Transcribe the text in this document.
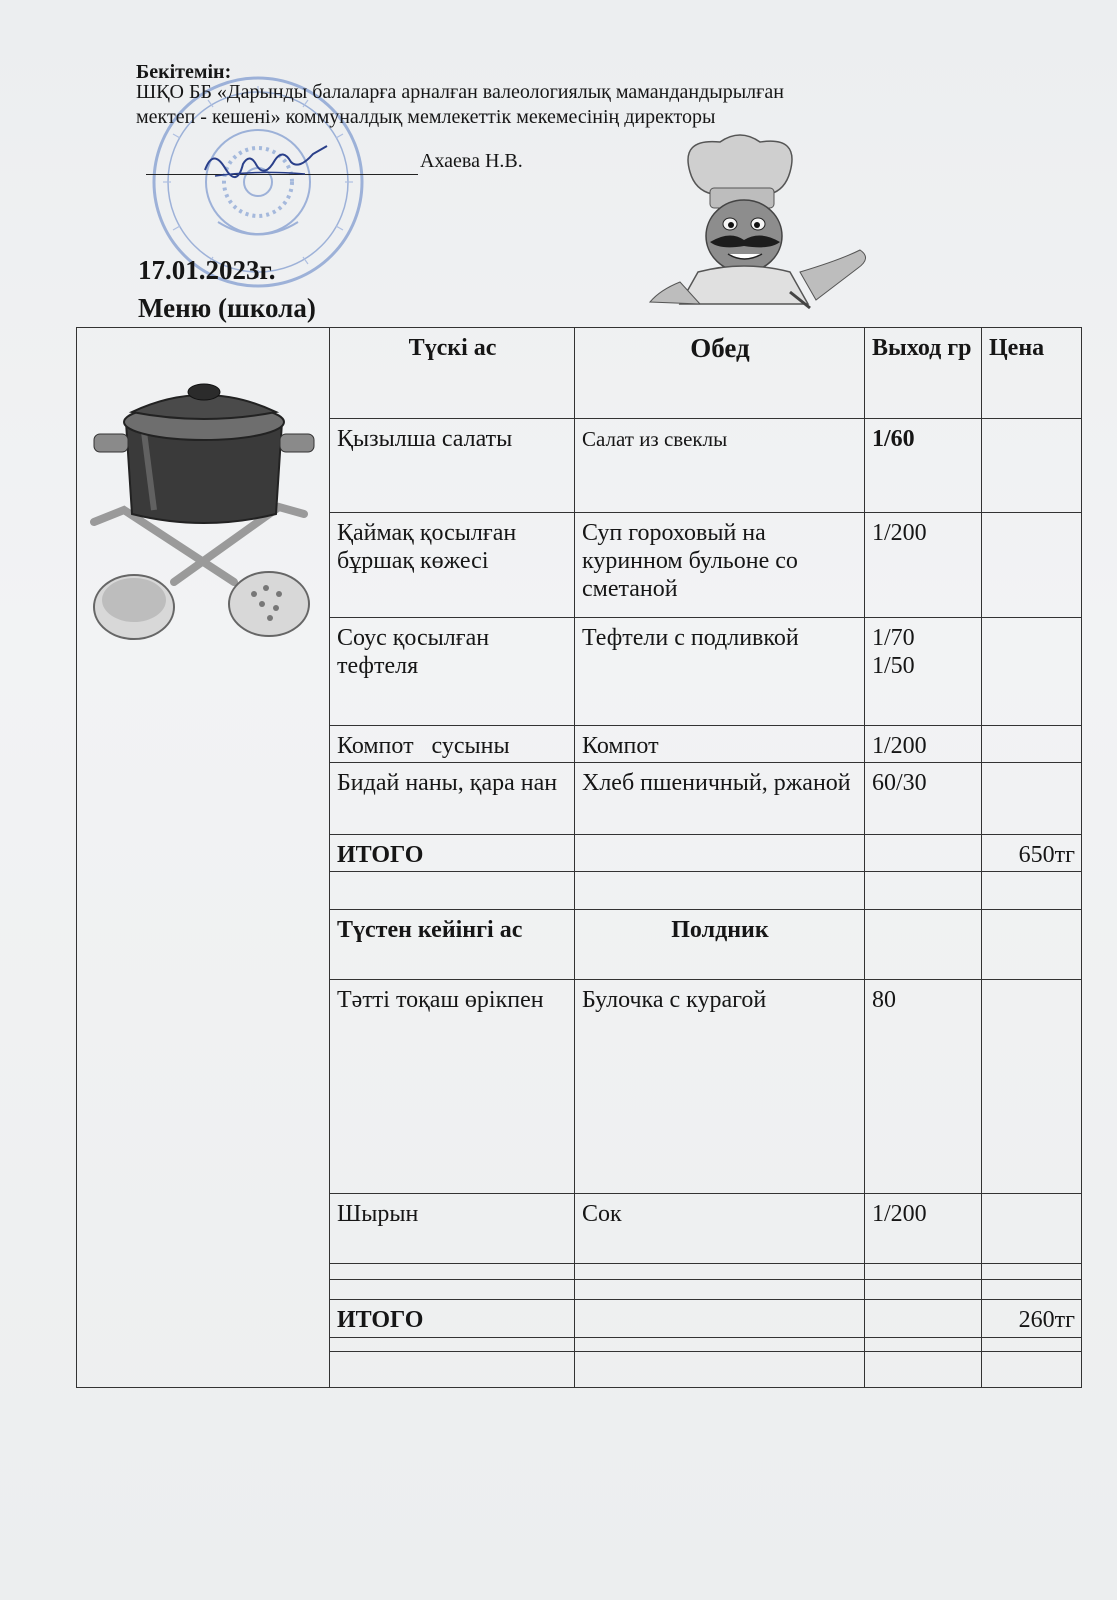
Бекітемін:
ШҚО ББ «Дарынды балаларға арналған валеологиялық мамандандырылған
мектеп - кешені» коммуналдық мемлекеттік мекемесінің директоры
Ахаева Н.В.
17.01.2023г.
Меню (школа)
	Түскі ас	Обед	Выход гр	Цена
	Қызылша салаты	Салат из свеклы	1/60	
	Қаймақ қосылған бұршақ көжесі	Суп гороховый на куринном бульоне со сметаной	1/200	
	Соус қосылған тефтеля	Тефтели с подливкой	1/70
1/50	
	Компот   сусыны	Компот	1/200	
	Бидай наны, қара нан	Хлеб пшеничный, ржаной	60/30	
	ИТОГО			650тг

	Түстен кейінгі ас	Полдник		
	Тәтті тоқаш өрікпен	Булочка с курагой	80	
	Шырын	Сок	1/200	

	ИТОГО			260тг
